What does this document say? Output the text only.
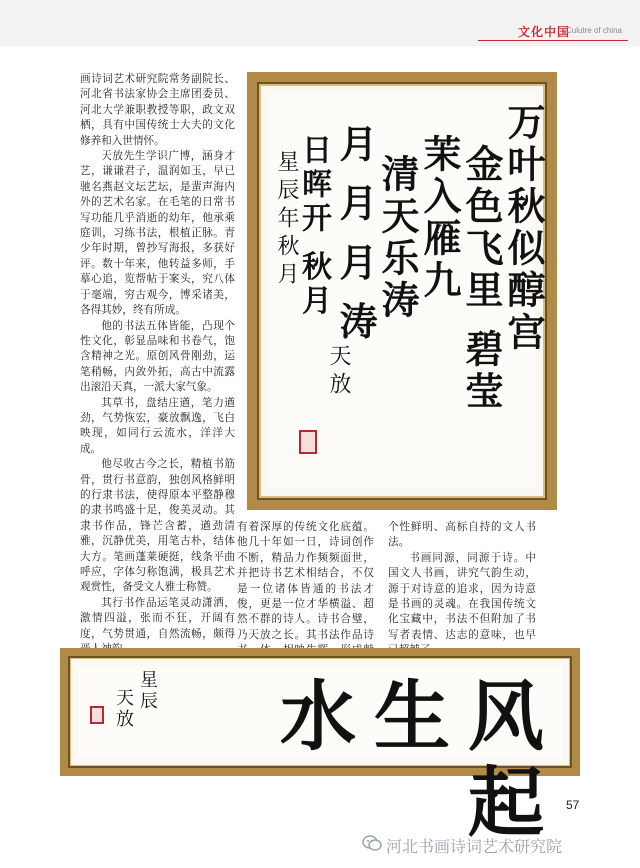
文化中国
Culutre of china

画诗词艺术研究院常务副院长、河北省书法家协会主席团委员、河北大学兼职教授等职，政文双栖，具有中国传统士大夫的文化修养和入世情怀。

天放先生学识广博，涵身才艺，谦谦君子，温润如玉，早已驰名燕赵文坛艺坛，是蜚声海内外的艺术名家。在毛笔的日常书写功能几乎消逝的幼年，他承乘庭训，习练书法，根植正脉。青少年时期，曾抄写海报，多获好评。数十年来，他转益多师，手摹心追，览帮帖于案头，究八体于毫端，穷古观今，博采诸美，各得其妙，终有所成。

他的书法五体皆能，凸现个性文化，彰显品味和书卷气，饱含精神之光。原创风骨刚劲，运笔稍畅，内敛外拓，高古中流露出滚沿天真，一派大家气象。

其草书，盘结庄遒，笔力遒劲，气势恢宏，豪放飘逸，飞白映现，如同行云流水，洋洋大成。

他尽收古今之长，精植书筋骨，贯行书意韵，独创风格鲜明的行隶书法，使得原本平整静穆的隶书鸣盛十足，俊美灵动。其隶书作品，锋芒含蓄，遒劲清雅，沉静优美，用笔古朴，结体大方。笔画蓬莱硬挺，线条平曲呼应，字体匀称饱满，极具艺术观赏性，备受文人雅士称赞。

其行书作品运笔灵动潇洒，激情四溢，张而不狂，开阔有度，气势贯通，自然流畅，颇得

万叶秋似醇宫
金色飞里 碧莹
茉入雁九
清天乐涛
月 月 月 涛
日晖开 秋月
星辰年秋月
天放

有着深厚的传统文化底蕴。他几十年如一日，诗词创作不断，精品力作频频面世，并把诗书艺术相结合，不仅是一位诸体皆通的书法才俊，更是一位才华横溢、超然不群的诗人。诗书合璧，乃天放之长。其书法作品诗

个性鲜明、高标自持的文人书法。

书画同源，同源于诗。中国文人书画，讲究气韵生动，源于对诗意的追求，因为诗意是书画的灵魂。在我国传统文化宝藏中，书法不但附加了书写者表情、达志的意味，也早

星辰
天放	风生水起 57
河北书画诗词艺术研究院
